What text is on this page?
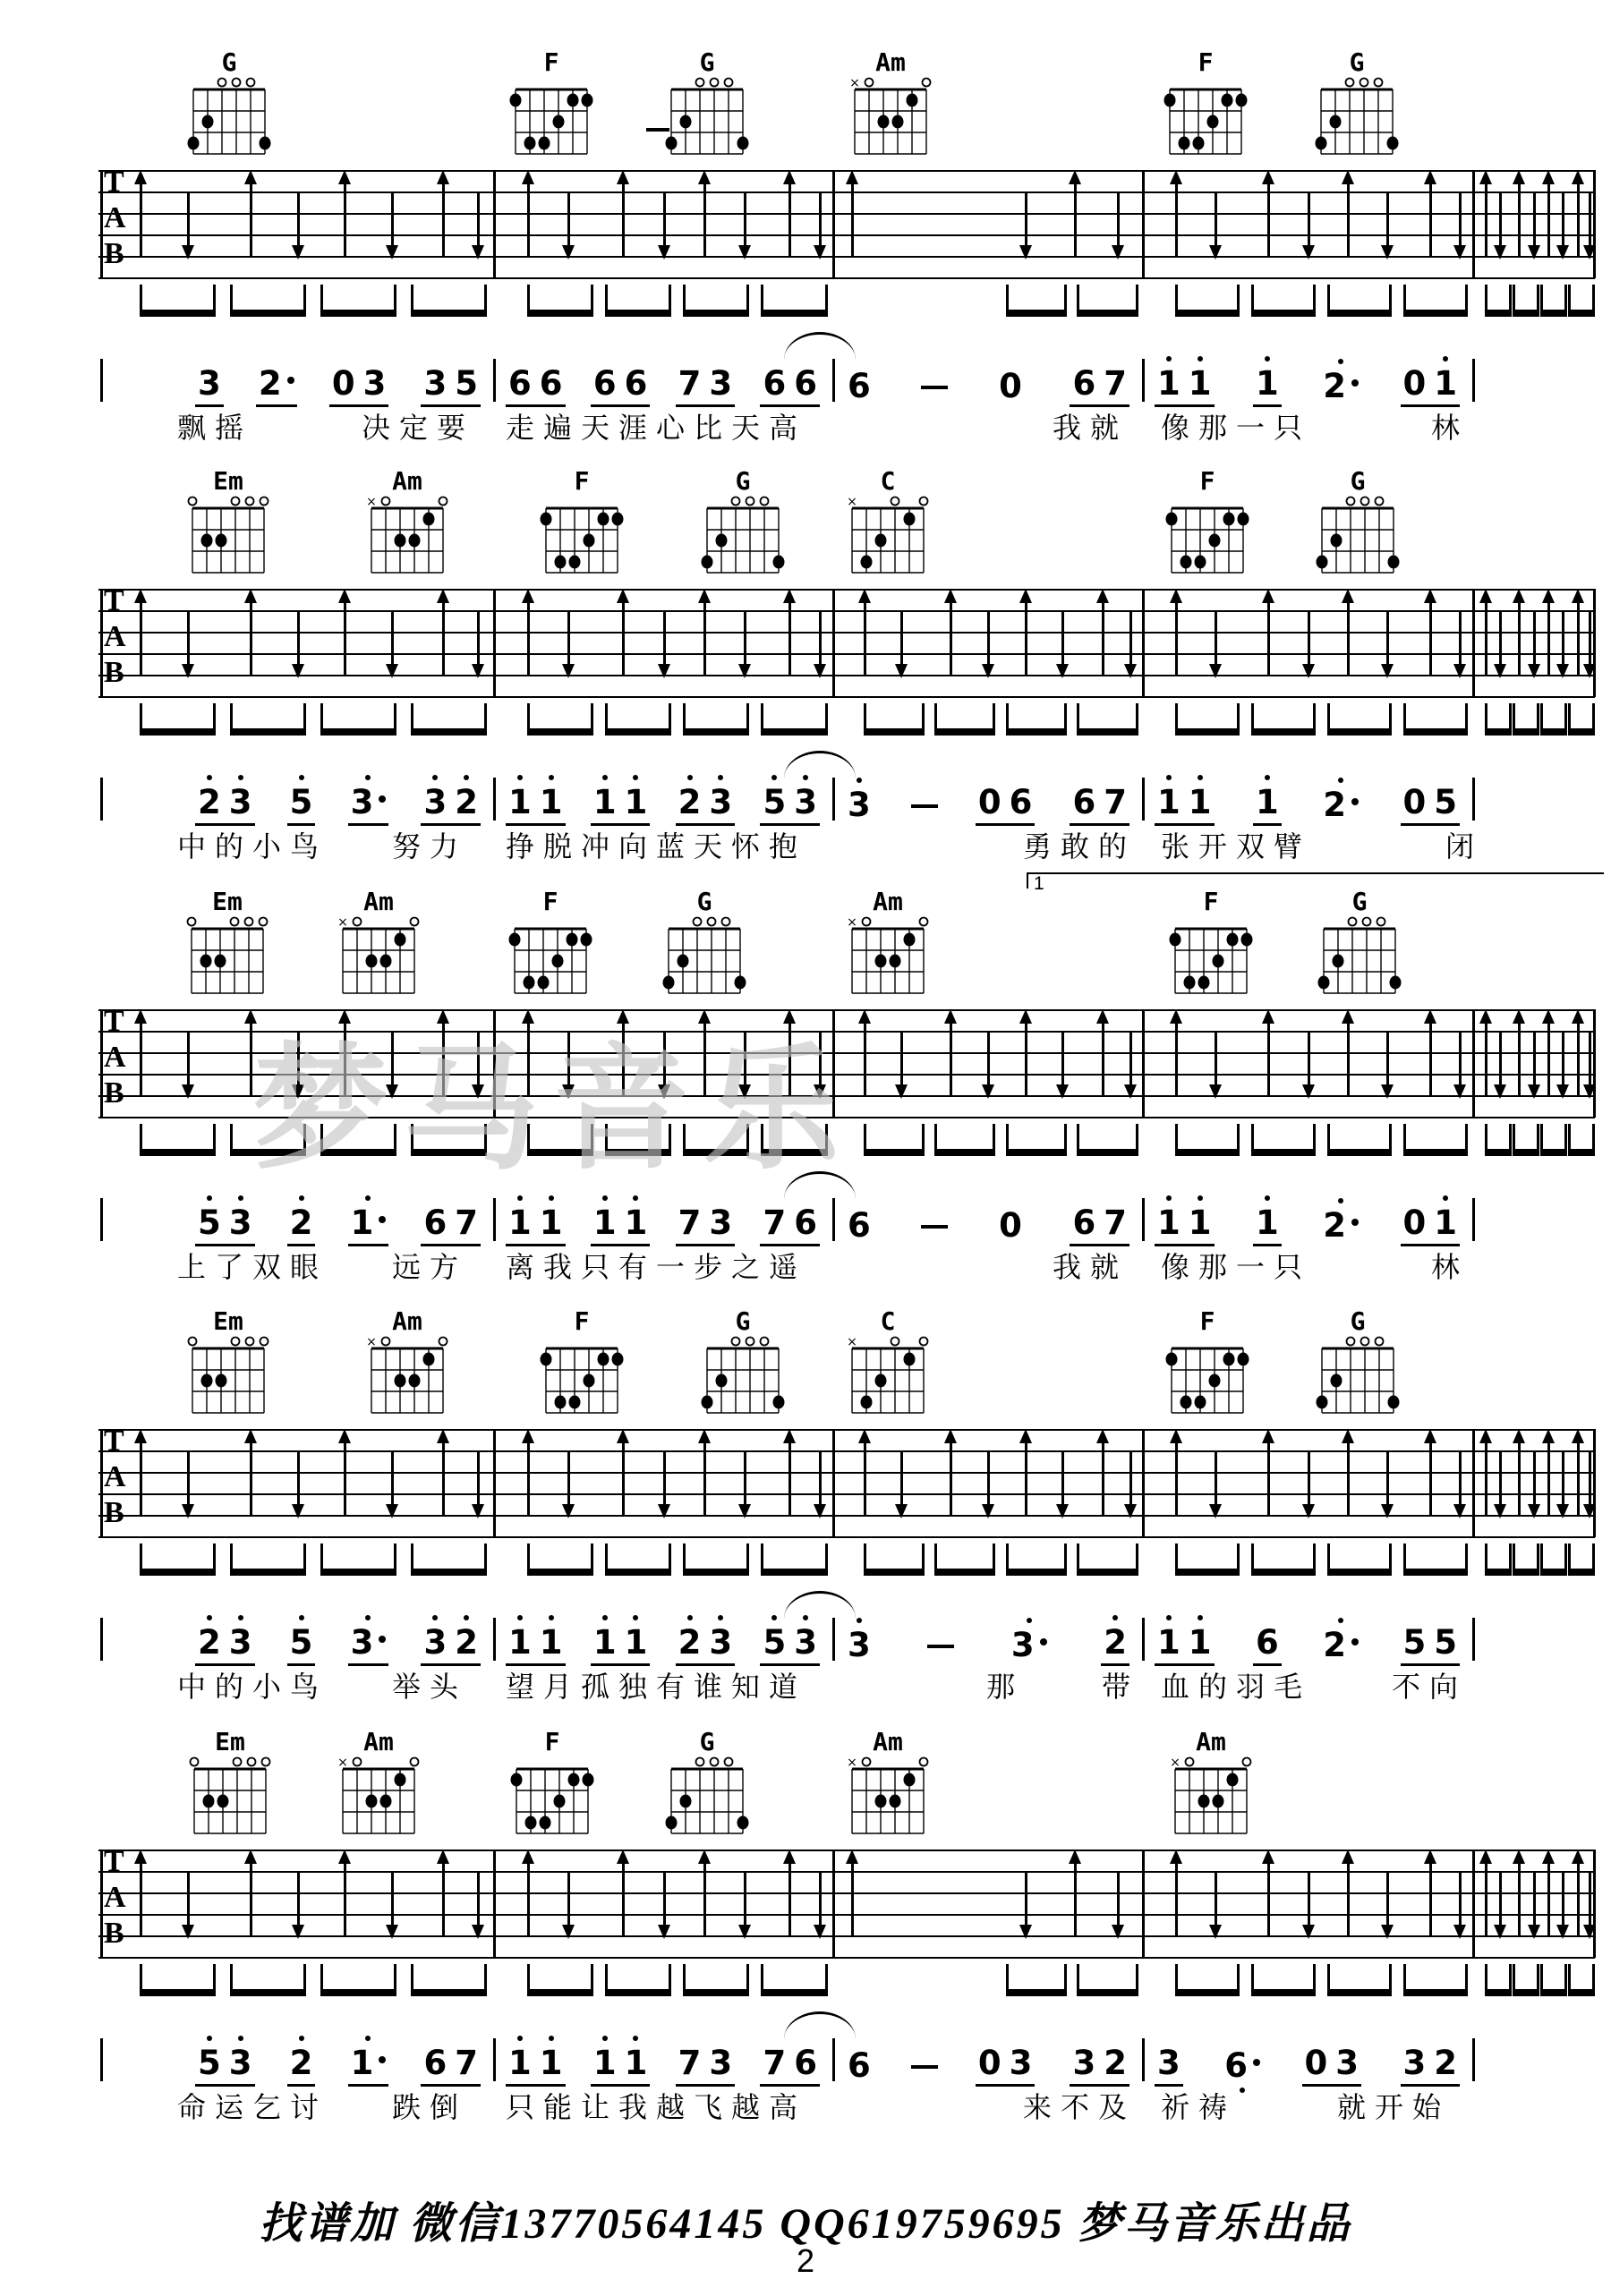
梦马音乐
找谱加 微信13770564145 QQ619759695 梦马音乐出品
2
G	F	G	Am
×
F	G
T
A
B
3 2	0 3 3 5 6 6 6 6 7 3 6 6 6	0 6 7 1 1 1 2	0 1
飘摇	决定要 走遍天涯心比天高	我就 像那一只	林
Em	Am
×
F	G	C
×
F	G
T
A
B
2 3 5 3	3 2 1 1 1 1 2 3 5 3 3	0 6 6 7 1 1 1 2	0 5
中的小鸟 努力 挣脱冲向蓝天怀抱	勇敢的 张开双臂	闭
1
Em	Am
×
F	G	Am
×
F	G
T
A
B
5 3 2 1	6 7 1 1 1 1 7 3 7 6 6	0 6 7 1 1 1 2	0 1
上了双眼 远方 离我只有一步之遥	我就 像那一只	林
Em	Am
×
F	G	C
×
F	G
T
A
B
2 3 5 3	3 2 1 1 1 1 2 3 5 3 3	3	2 1 1 6 2	5 5
中的小鸟 举头 望月孤独有谁知道	那	带 血的羽毛	不向
Em	Am
×
F	G	Am
×
Am
×
T
A
B
5 3 2 1	6 7 1 1 1 1 7 3 7 6 6	0 3 3 2 3 6	0 3 3 2
命运乞讨 跌倒 只能让我越飞越高	来不及 祈祷	就开始
